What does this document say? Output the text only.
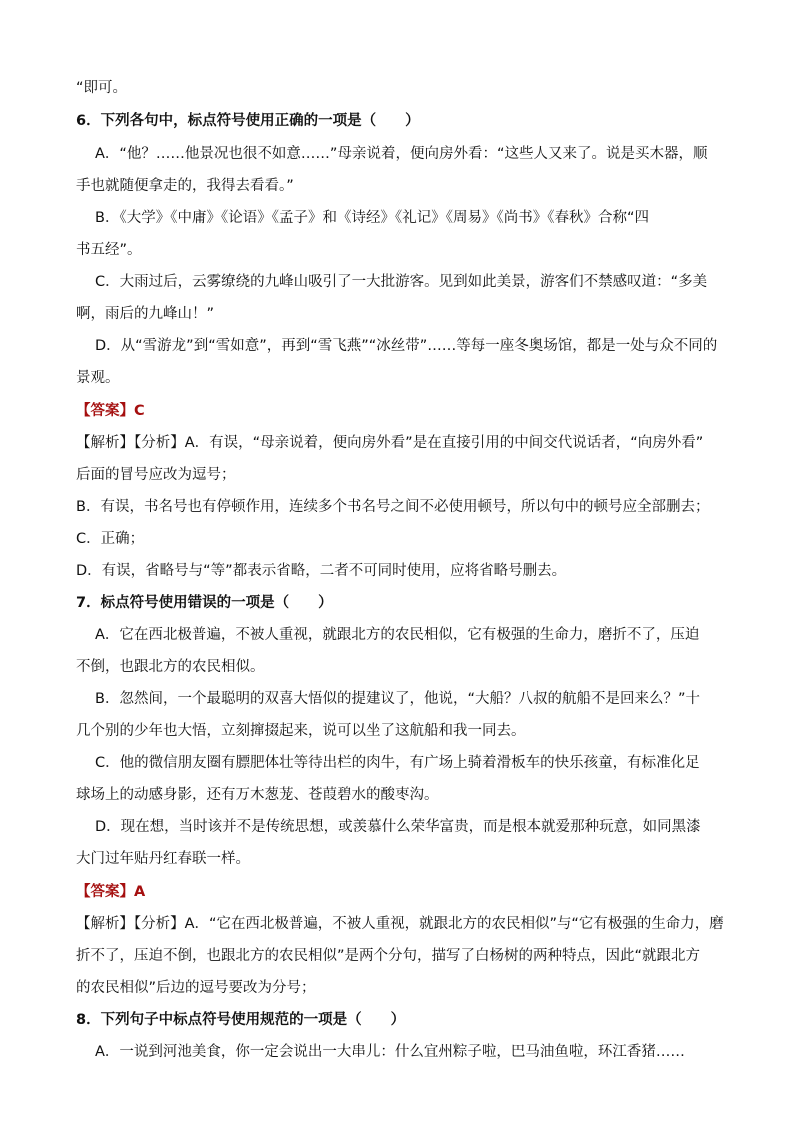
“即可。
6．下列各句中，标点符号使用正确的一项是（　　）
A．“他？……他景况也很不如意……”母亲说着，便向房外看：“这些人又来了。说是买木器，顺
手也就随便拿走的，我得去看看。”
B．《大学》《中庸》《论语》《孟子》和《诗经》《礼记》《周易》《尚书》《春秋》合称“四
书五经”。
C．大雨过后，云雾缭绕的九峰山吸引了一大批游客。见到如此美景，游客们不禁感叹道：“多美
啊，雨后的九峰山！”
D．从“雪游龙”到“雪如意”，再到“雪飞燕”“冰丝带”……等每一座冬奥场馆，都是一处与众不同的
景观。
【答案】C
【解析】【分析】A．有误，“母亲说着，便向房外看”是在直接引用的中间交代说话者，“向房外看”
后面的冒号应改为逗号；
B．有误，书名号也有停顿作用，连续多个书名号之间不必使用顿号，所以句中的顿号应全部删去；
C．正确；
D．有误，省略号与“等”都表示省略，二者不可同时使用，应将省略号删去。
7．标点符号使用错误的一项是（　　）
A．它在西北极普遍，不被人重视，就跟北方的农民相似，它有极强的生命力，磨折不了，压迫
不倒，也跟北方的农民相似。
B．忽然间，一个最聪明的双喜大悟似的提建议了，他说，“大船？八叔的航船不是回来么？”十
几个别的少年也大悟，立刻撺掇起来，说可以坐了这航船和我一同去。
C．他的微信朋友圈有膘肥体壮等待出栏的肉牛，有广场上骑着滑板车的快乐孩童，有标准化足
球场上的动感身影，还有万木葱茏、苍葭碧水的酸枣沟。
D．现在想，当时该并不是传统思想，或羡慕什么荣华富贵，而是根本就爱那种玩意，如同黑漆
大门过年贴丹红春联一样。
【答案】A
【解析】【分析】A．“它在西北极普遍，不被人重视，就跟北方的农民相似”与“它有极强的生命力，磨
折不了，压迫不倒，也跟北方的农民相似”是两个分句，描写了白杨树的两种特点，因此“就跟北方
的农民相似”后边的逗号要改为分号；
8．下列句子中标点符号使用规范的一项是（　　）
A．一说到河池美食，你一定会说出一大串儿：什么宜州粽子啦，巴马油鱼啦，环江香猪……
